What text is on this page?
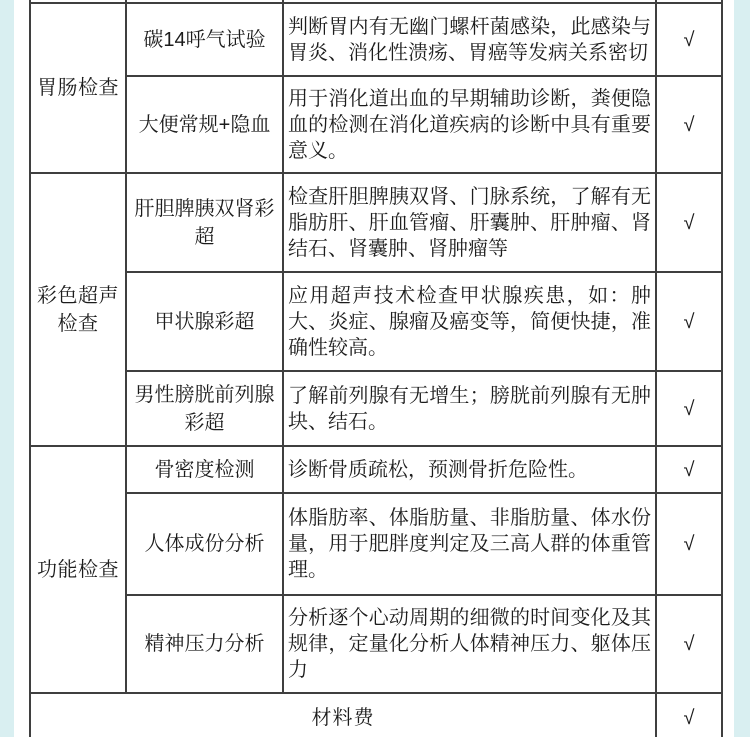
胃肠检查	碳14呼气试验	判断胃内有无幽门螺杆菌感染，此感染与胃炎、消化性溃疡、胃癌等发病关系密切	√
	大便常规+隐血	用于消化道出血的早期辅助诊断，粪便隐血的检测在消化道疾病的诊断中具有重要意义。	√
彩色超声检查	肝胆脾胰双肾彩超	检查肝胆脾胰双肾、门脉系统，了解有无脂肪肝、肝血管瘤、肝囊肿、肝肿瘤、肾结石、肾囊肿、肾肿瘤等	√
	甲状腺彩超	应用超声技术检查甲状腺疾患，如：肿大、炎症、腺瘤及癌变等，简便快捷，准确性较高。	√
	男性膀胱前列腺彩超	了解前列腺有无增生；膀胱前列腺有无肿块、结石。	√
功能检查	骨密度检测	诊断骨质疏松，预测骨折危险性。	√
	人体成份分析	体脂肪率、体脂肪量、非脂肪量、体水份量，用于肥胖度判定及三高人群的体重管理。	√
	精神压力分析	分析逐个心动周期的细微的时间变化及其规律，定量化分析人体精神压力、躯体压力	√
材料费			√
